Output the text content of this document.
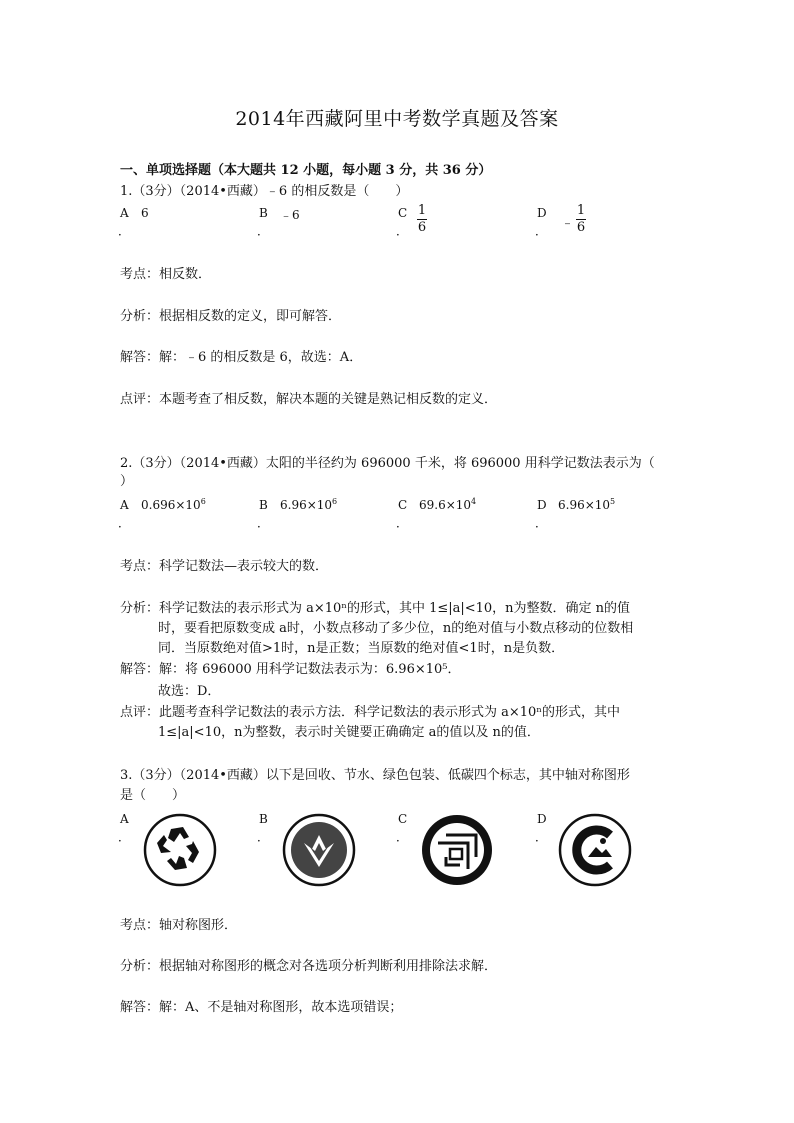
2014年西藏阿里中考数学真题及答案
一、单项选择题（本大题共 12 小题，每小题 3 分，共 36 分）
1.（3分）（2014•西藏）﹣6 的相反数是（　　）
A
．
6	B
．
﹣6	C
．
1
6
D
． ﹣
1
6
考点：相反数．
分析：根据相反数的定义，即可解答．
解答：解：﹣6 的相反数是 6，故选：A．
点评：本题考查了相反数，解决本题的关键是熟记相反数的定义．
2.（3分）（2014•西藏）太阳的半径约为 696000 千米，将 696000 用科学记数法表示为（
）
A
．
$0.696\times 10^6$	B
．
$6.96\times 10^6$	C
．
$69.6\times 10^4$	D
．
$6.96\times 10^5$
考点：科学记数法—表示较大的数．
分析：科学记数法的表示形式为 a×10ⁿ的形式，其中 1≤|a|<10，n为整数．确定 n的值
时，要看把原数变成 a时，小数点移动了多少位，n的绝对值与小数点移动的位数相
同．当原数绝对值>1时，n是正数；当原数的绝对值<1时，n是负数．
解答：解：将 696000 用科学记数法表示为：6.96×10⁵．
故选：D．
点评：此题考查科学记数法的表示方法．科学记数法的表示形式为 a×10ⁿ的形式，其中
1≤|a|<10，n为整数，表示时关键要正确确定 a的值以及 n的值．
3.（3分）（2014•西藏）以下是回收、节水、绿色包装、低碳四个标志，其中轴对称图形
是（　　）
A
．
B
．
C
．
D
．
考点：轴对称图形．
分析：根据轴对称图形的概念对各选项分析判断利用排除法求解．
解答：解：A、不是轴对称图形，故本选项错误；
